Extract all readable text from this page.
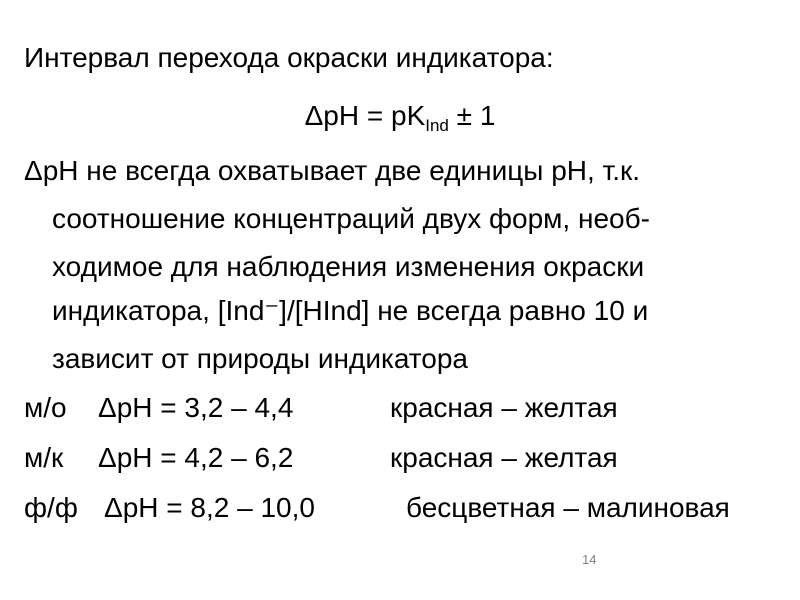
Интервал перехода окраски индикатора:
$\Delta pH = pK_{Ind} \pm 1$
ΔpH не всегда охватывает две единицы pH, т.к.
соотношение концентраций двух форм, необ-
ходимое для наблюдения изменения окраски
индикатора, [Ind⁻]/[HInd] не всегда равно 10 и
зависит от природы индикатора
м/о ΔpH = 3,2 – 4,4	красная – желтая
м/к ΔpH = 4,2 – 6,2	красная – желтая
ф/ф ΔpH = 8,2 – 10,0	бесцветная – малиновая
14
